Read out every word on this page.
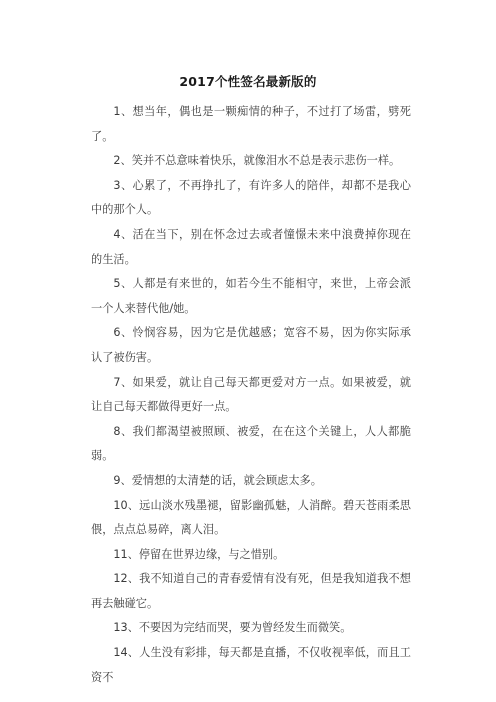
2017个性签名最新版的

1、想当年，偶也是一颗痴情的种子，不过打了场雷，劈死了。

2、笑并不总意味着快乐，就像泪水不总是表示悲伤一样。

3、心累了，不再挣扎了，有许多人的陪伴，却都不是我心中的那个人。

4、活在当下，别在怀念过去或者憧憬未来中浪费掉你现在的生活。

5、人都是有来世的，如若今生不能相守，来世，上帝会派一个人来替代他/她。

6、怜悯容易，因为它是优越感；宽容不易，因为你实际承认了被伤害。

7、如果爱，就让自己每天都更爱对方一点。如果被爱，就让自己每天都做得更好一点。

8、我们都渴望被照顾、被爱，在在这个关键上，人人都脆弱。

9、爱情想的太清楚的话，就会顾虑太多。

10、远山淡水残墨褪，留影幽孤魅，人消醉。碧天苍雨柔思偎，点点总易碎，离人泪。

11、停留在世界边缘，与之惜别。

12、我不知道自己的青春爱情有没有死，但是我知道我不想再去触碰它。

13、不要因为完结而哭，要为曾经发生而微笑。

14、人生没有彩排，每天都是直播，不仅收视率低，而且工资不
